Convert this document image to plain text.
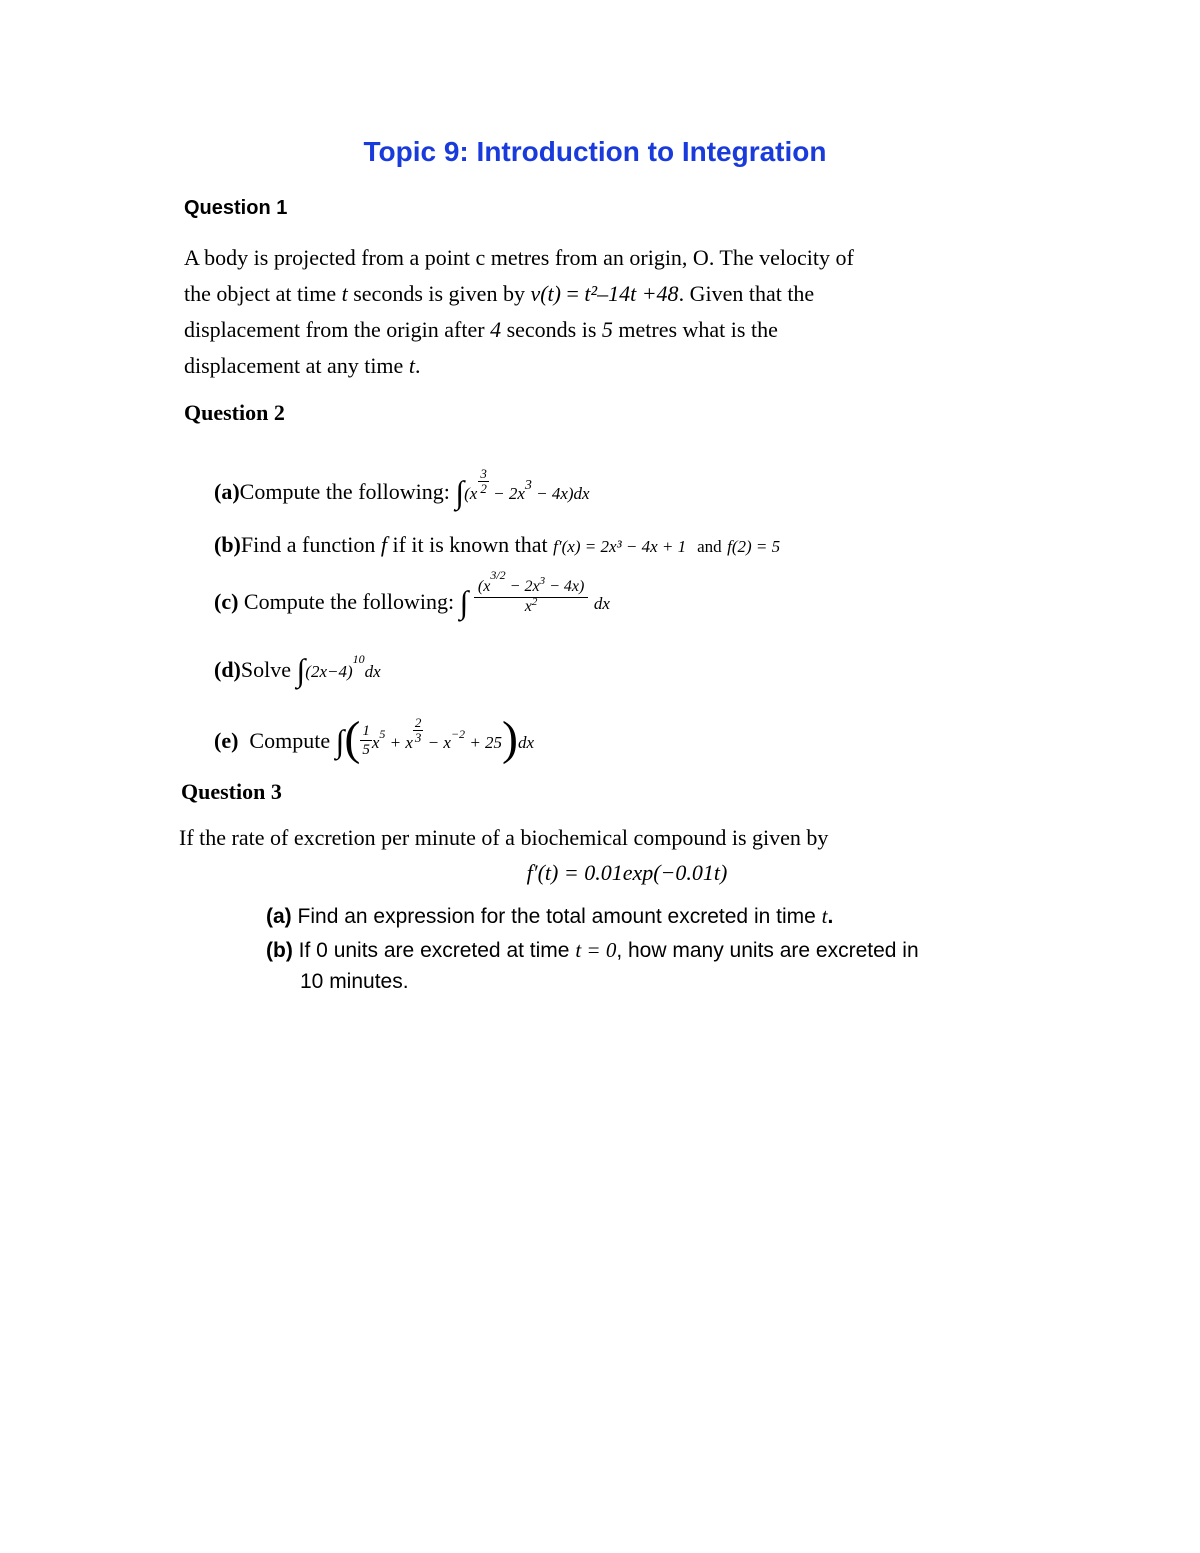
Topic 9: Introduction to Integration
Question 1
A body is projected from a point c metres from an origin, O. The velocity of
the object at time t seconds is given by v(t) = t²–14t +48. Given that the
displacement from the origin after 4 seconds is 5 metres what is the
displacement at any time t.
Question 2
(a)Compute the following: $\int(x \frac{3}{2} - 2x^3 - 4x)dx$
(b)Find a function f if it is known that f′(x) = 2x³ − 4x + 1 and f(2) = 5
(c) Compute the following: ∫ $\frac{(x^{3/2} - 2x^3 - 4x)}{x^2}$ dx
(d)Solve $\int(2x-4)^{10}dx$
(e) Compute ∫( $\frac{1}{5} x^5 + x \frac{2}{3} - x^{-2} + 25)dx$
Question 3
If the rate of excretion per minute of a biochemical compound is given by
f′(t) = 0.01exp(−0.01t)
(a) Find an expression for the total amount excreted in time t.
(b) If 0 units are excreted at time t = 0, how many units are excreted in
10 minutes.
